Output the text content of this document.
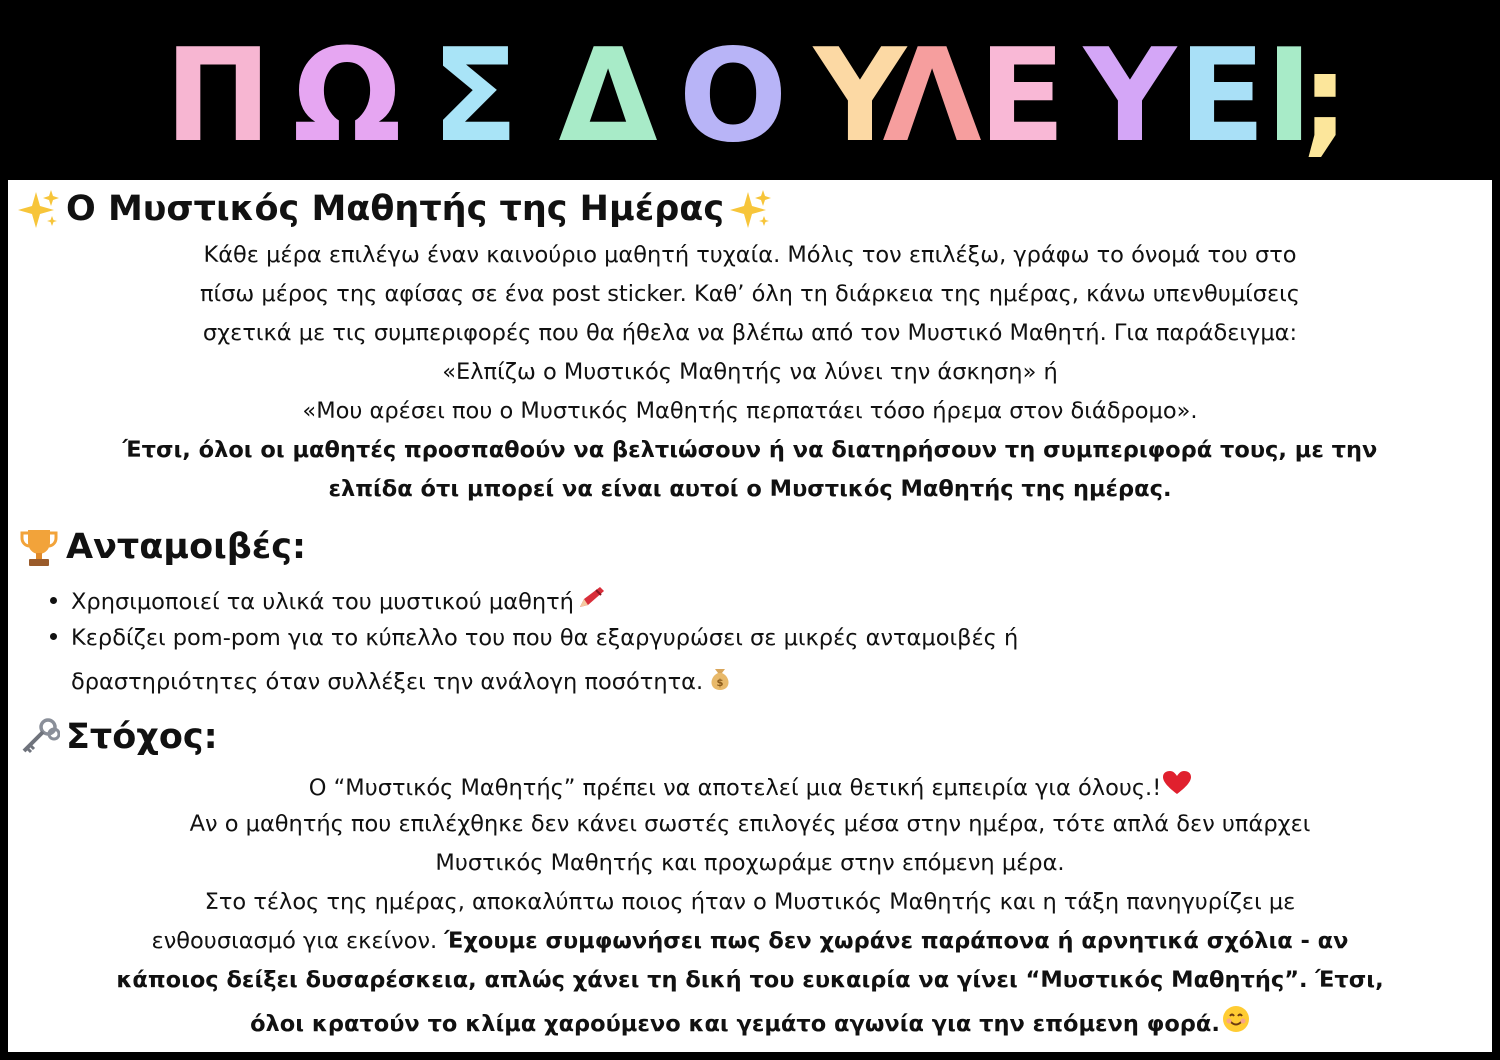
Π Ω Σ Δ Ο Υ
Λ
Ε Υ Ε Ι
;
Ο Μυστικός Μαθητής της Ημέρας
Κάθε μέρα επιλέγω έναν καινούριο μαθητή τυχαία. Μόλις τον επιλέξω, γράφω το όνομά του στο
πίσω μέρος της αφίσας σε ένα post sticker. Καθ’ όλη τη διάρκεια της ημέρας, κάνω υπενθυμίσεις
σχετικά με τις συμπεριφορές που θα ήθελα να βλέπω από τον Μυστικό Μαθητή. Για παράδειγμα:
«Ελπίζω ο Μυστικός Μαθητής να λύνει την άσκηση» ή
«Μου αρέσει που ο Μυστικός Μαθητής περπατάει τόσο ήρεμα στον διάδρομο».
Έτσι, όλοι οι μαθητές προσπαθούν να βελτιώσουν ή να διατηρήσουν τη συμπεριφορά τους, με την
ελπίδα ότι μπορεί να είναι αυτοί ο Μυστικός Μαθητής της ημέρας.
Ανταμοιβές:
Χρησιμοποιεί τα υλικά του μυστικού μαθητή
Κερδίζει pom-pom για το κύπελλο του που θα εξαργυρώσει σε μικρές ανταμοιβές ή
δραστηριότητες όταν συλλέξει την ανάλογη ποσότητα. $
Στόχος:
Ο “Μυστικός Μαθητής” πρέπει να αποτελεί μια θετική εμπειρία για όλους.!
Αν ο μαθητής που επιλέχθηκε δεν κάνει σωστές επιλογές μέσα στην ημέρα, τότε απλά δεν υπάρχει
Μυστικός Μαθητής και προχωράμε στην επόμενη μέρα.
Στο τέλος της ημέρας, αποκαλύπτω ποιος ήταν ο Μυστικός Μαθητής και η τάξη πανηγυρίζει με
ενθουσιασμό για εκείνον. Έχουμε συμφωνήσει πως δεν χωράνε παράπονα ή αρνητικά σχόλια - αν
κάποιος δείξει δυσαρέσκεια, απλώς χάνει τη δική του ευκαιρία να γίνει “Μυστικός Μαθητής”. Έτσι,
όλοι κρατούν το κλίμα χαρούμενο και γεμάτο αγωνία για την επόμενη φορά.
